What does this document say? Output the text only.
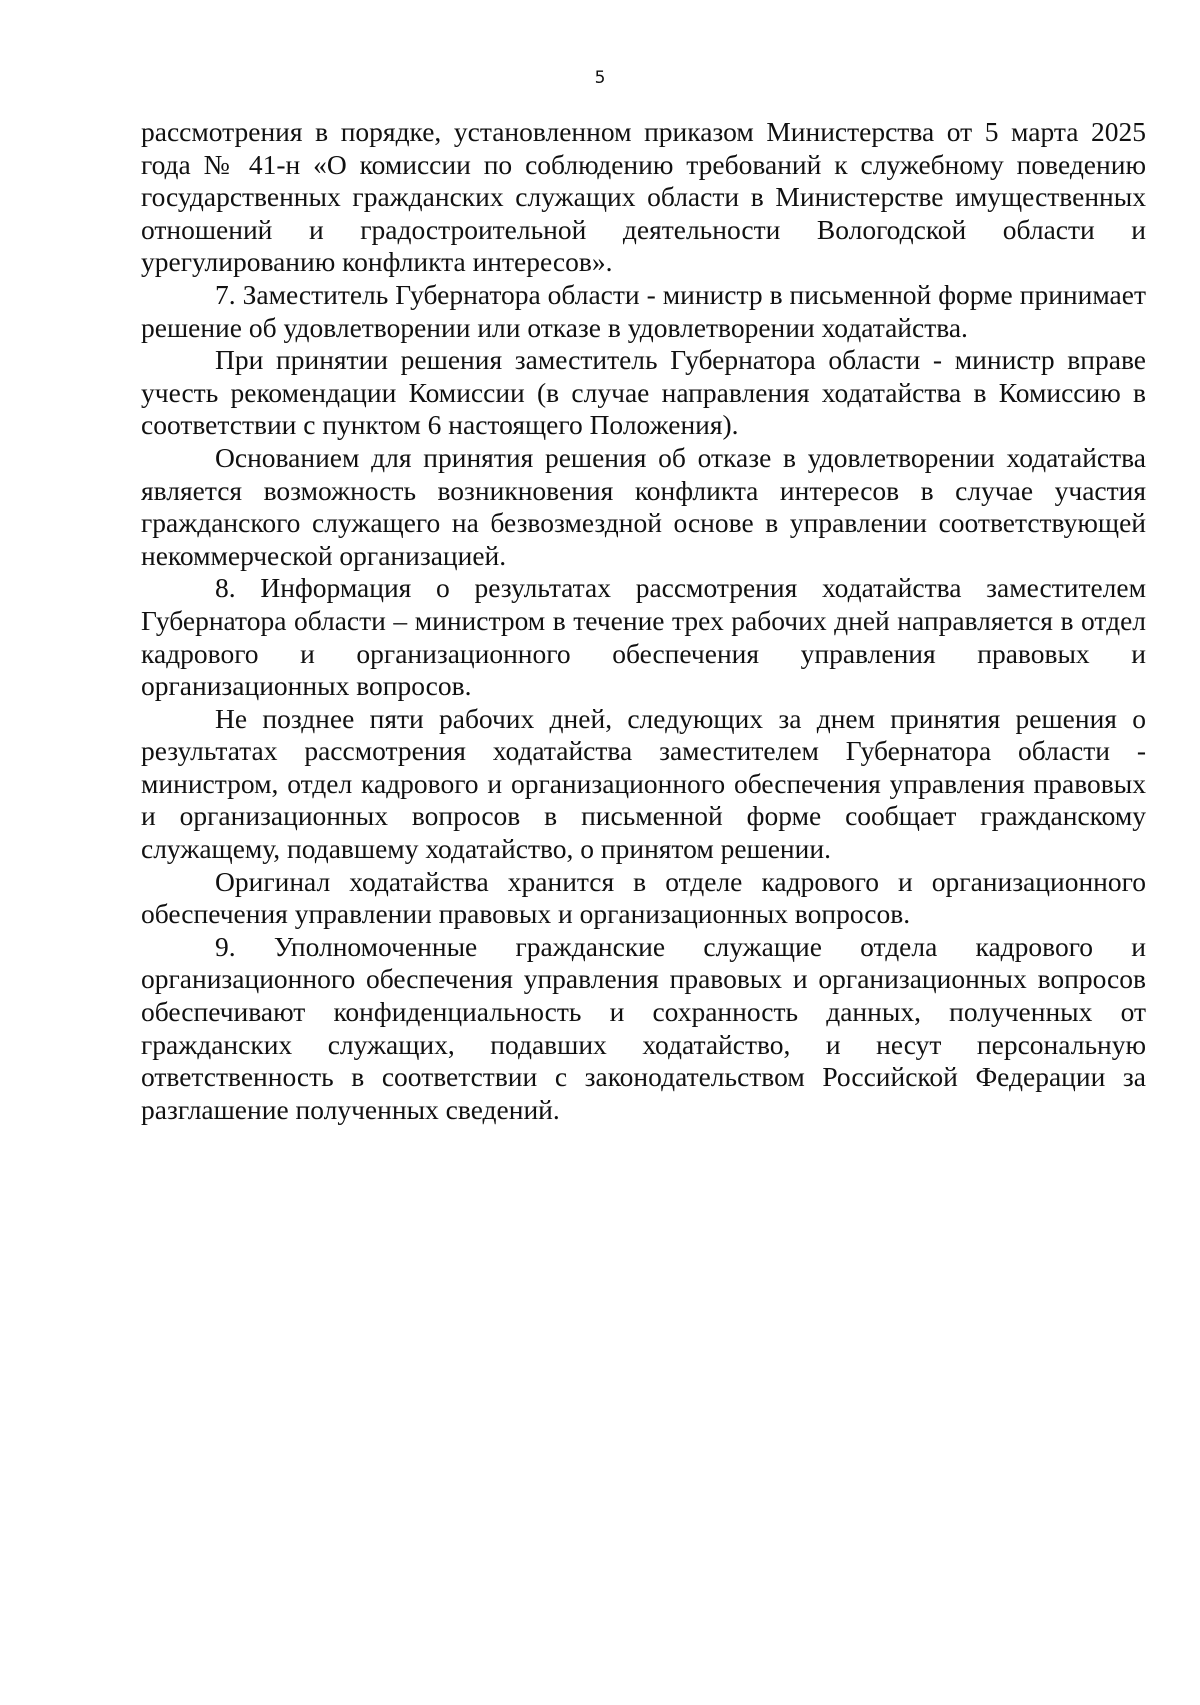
5

рассмотрения в порядке, установленном приказом Министерства от 5 марта 2025 года № 41-н «О комиссии по соблюдению требований к служебному поведению государственных гражданских служащих области в Министерстве имущественных отношений и градостроительной деятельности Вологодской области и урегулированию конфликта интересов».

7. Заместитель Губернатора области - министр в письменной форме принимает решение об удовлетворении или отказе в удовлетворении ходатайства.

При принятии решения заместитель Губернатора области - министр вправе учесть рекомендации Комиссии (в случае направления ходатайства в Комиссию в соответствии с пунктом 6 настоящего Положения).

Основанием для принятия решения об отказе в удовлетворении ходатайства является возможность возникновения конфликта интересов в случае участия гражданского служащего на безвозмездной основе в управлении соответствующей некоммерческой организацией.

8. Информация о результатах рассмотрения ходатайства заместителем Губернатора области – министром в течение трех рабочих дней направляется в отдел кадрового и организационного обеспечения управления правовых и организационных вопросов.

Не позднее пяти рабочих дней, следующих за днем принятия решения о результатах рассмотрения ходатайства заместителем Губернатора области - министром, отдел кадрового и организационного обеспечения управления правовых и организационных вопросов в письменной форме сообщает гражданскому служащему, подавшему ходатайство, о принятом решении.

Оригинал ходатайства хранится в отделе кадрового и организационного обеспечения управлении правовых и организационных вопросов.

9. Уполномоченные гражданские служащие отдела кадрового и организационного обеспечения управления правовых и организационных вопросов обеспечивают конфиденциальность и сохранность данных, полученных от гражданских служащих, подавших ходатайство, и несут персональную ответственность в соответствии с законодательством Российской Федерации за разглашение полученных сведений.
